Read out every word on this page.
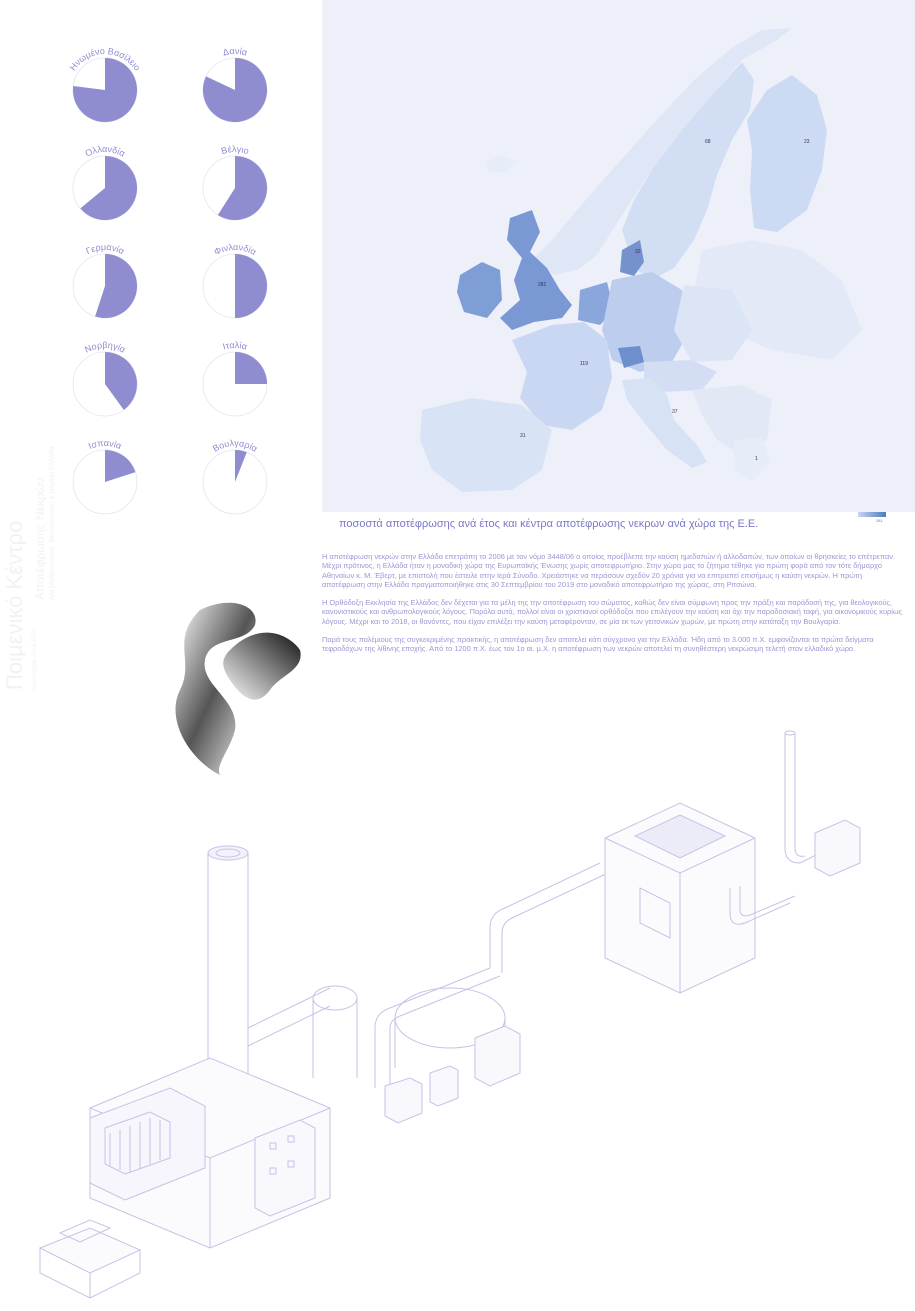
Ποιμενικό Κέντρο Αποτέφρωσης Νεκρών Αλεξανδρούπολη, Θεσσαλονίκη & Βόρεια Ελλάδα
Εργαστήριο 2019-2020
Ηνωμένο Βασίλειο
Δανία
Ολλανδία	Βέλγιο
Γερμανία	Φινλανδία
Νορβηγία	Ιταλία
Ισπανία	Βουλγαρία
68	23
32
281
119
37
31
1
281
ποσοστά αποτέφρωσης ανά έτος και κέντρα αποτέφρωσης νεκρων ανά χώρα της Ε.Ε.

Η αποτέφρωση νεκρών στην Ελλάδα επετράπη το 2006 με τον νόμο 3448/06 ο οποίος προέβλεπε την καύση ημεδαπών ή αλλοδαπών, των οποίων οι θρησκείες το επέτρεπαν. Μέχρι πρότινος, η Ελλάδα ήταν η μοναδική χώρα της Ευρωπαϊκής Ένωσης χωρίς αποτεφρωτήριο. Στην χώρα μας το ζήτημα τέθηκε για πρώτη φορά από τον τότε δήμαρχο Αθηναίων κ. Μ. Έβερτ, με επιστολή που έστειλε στην Ιερά Σύνοδο. Χρειάστηκε να περάσουν σχεδόν 20 χρόνια για να επιτραπεί επισήμως η καύση νεκρών. Η πρώτη αποτέφρωση στην Ελλάδα πραγματοποιήθηκε στις 30 Σεπτεμβρίου του 2019 στο μοναδικό αποτεφρωτήριο της χώρας, στη Ριτσώνα.

Η Ορθόδοξη Εκκλησία της Ελλάδος δεν δέχεται για τα μέλη της την αποτέφρωση του σώματος, καθώς δεν είναι σύμφωνη προς την πράξη και παράδοσή της, για θεολογικούς, κανονιστικούς και ανθρωπολογικούς λόγους. Παρόλα αυτά, πολλοί είναι οι χριστιανοί ορθόδοξοι που επιλέγουν την καύση και όχι την παραδοσιακή ταφή, για οικονομικούς κυρίως λόγους. Μέχρι και το 2018, οι θανόντες, που είχαν επιλέξει την καύση μεταφέρονταν, σε μία εκ των γειτονικών χωρών, με πρώτη στην κατάταξη την Βουλγαρία.

Παρά τους πολέμιους της συγκεκριμένης πρακτικής, η αποτέφρωση δεν αποτελεί κάτι σύγχρονο για την Ελλάδα. Ήδη από το 3.000 π.Χ. εμφανίζονται τα πρώτα δείγματα τεφροδόχων της λίθινης εποχής. Από το 1200 π.Χ. έως τον 1ο αι. μ.Χ. η αποτέφρωση των νεκρών αποτελεί τη συνηθέστερη νεκρώσιμη τελετή στον ελλαδικό χώρο.
